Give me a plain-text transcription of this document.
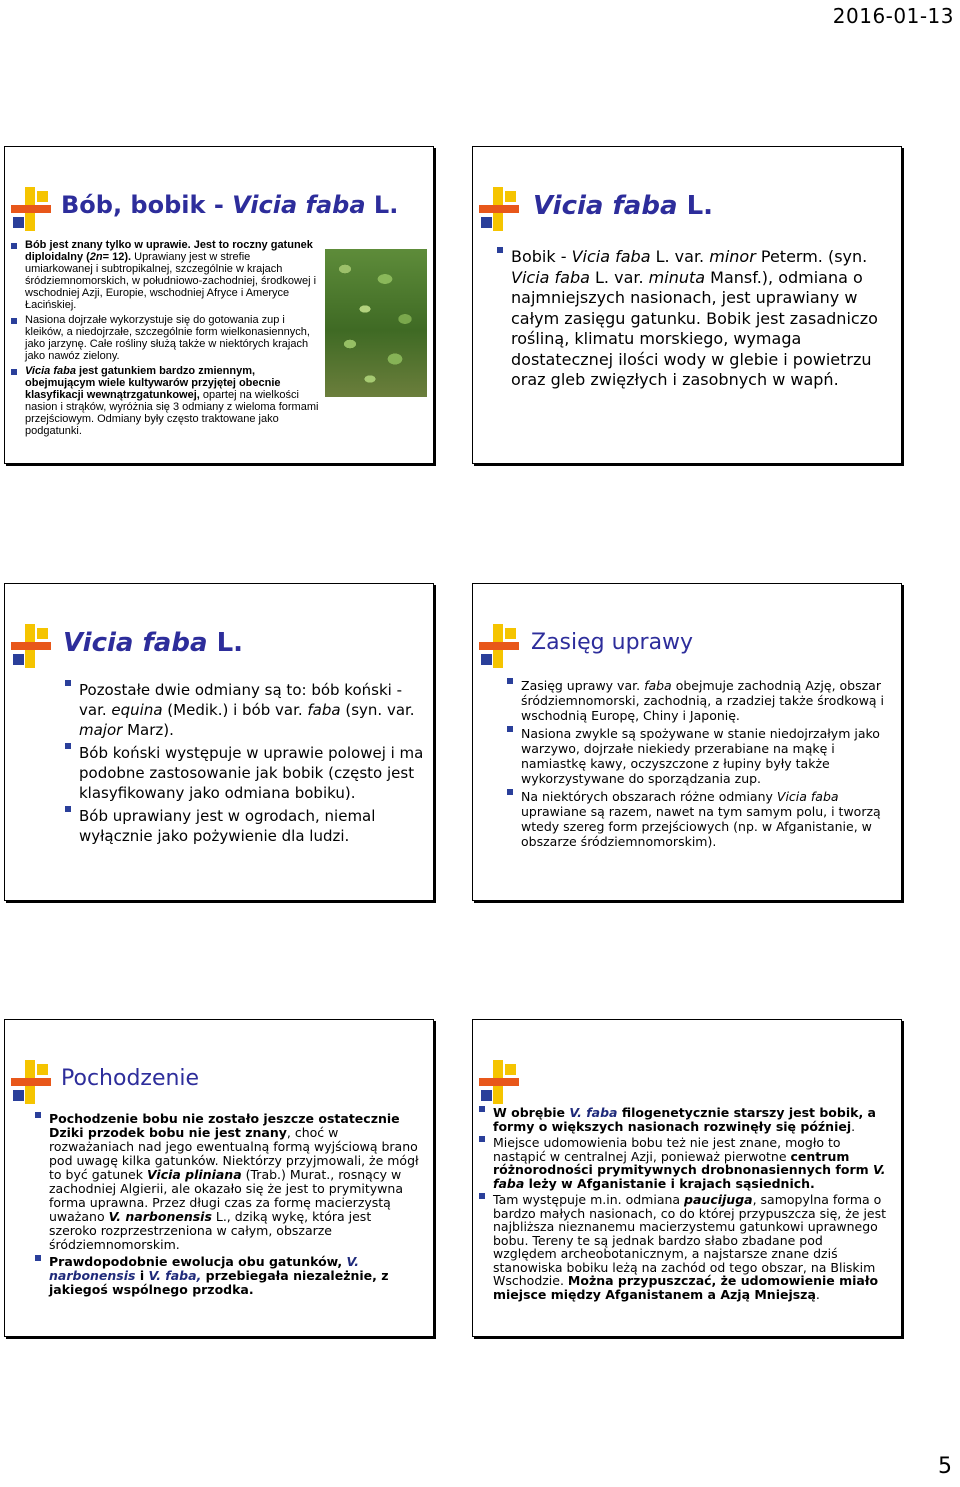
2016-01-13
Bób, bobik - Vicia faba L.
Bób jest znany tylko w uprawie. Jest to roczny gatunek diploidalny (2n= 12). Uprawiany jest w strefie umiarkowanej i subtropikalnej, szczególnie w krajach śródziemnomorskich, w południowo-zachodniej, środkowej i wschodniej Azji, Europie, wschodniej Afryce i Ameryce Łacińskiej.
Nasiona dojrzałe wykorzystuje się do gotowania zup i kleików, a niedojrzałe, szczególnie form wielkonasiennych, jako jarzynę. Całe rośliny służą także w niektórych krajach jako nawóz zielony.
Vicia faba jest gatunkiem bardzo zmiennym, obejmującym wiele kultywarów przyjętej obecnie klasyfikacji wewnątrzgatunkowej, opartej na wielkości nasion i strąków, wyróżnia się 3 odmiany z wieloma formami przejściowym. Odmiany były często traktowane jako podgatunki.
Vicia faba L.
Bobik - Vicia faba L. var. minor Peterm. (syn. Vicia faba L. var. minuta Mansf.), odmiana o najmniejszych nasionach, jest uprawiany w całym zasięgu gatunku. Bobik jest zasadniczo rośliną, klimatu morskiego, wymaga dostatecznej ilości wody w glebie i powietrzu oraz gleb zwięzłych i zasobnych w wapń.
Vicia faba L.
Pozostałe dwie odmiany są to: bób koński - var. equina (Medik.) i bób var. faba (syn. var. major Marz).
Bób koński występuje w uprawie polowej i ma podobne zastosowanie jak bobik (często jest klasyfikowany jako odmiana bobiku).
Bób uprawiany jest w ogrodach, niemal wyłącznie jako pożywienie dla ludzi.
Zasięg uprawy
Zasięg uprawy var. faba obejmuje zachodnią Azję, obszar śródziemnomorski, zachodnią, a rzadziej także środkową i wschodnią Europę, Chiny i Japonię.
Nasiona zwykle są spożywane w stanie niedojrzałym jako warzywo, dojrzałe niekiedy przerabiane na mąkę i namiastkę kawy, oczyszczone z łupiny były także wykorzystywane do sporządzania zup.
Na niektórych obszarach różne odmiany Vicia faba uprawiane są razem, nawet na tym samym polu, i tworzą wtedy szereg form przejściowych (np. w Afganistanie, w obszarze śródziemnomorskim).
Pochodzenie
Pochodzenie bobu nie zostało jeszcze ostatecznie Dziki przodek bobu nie jest znany, choć w rozważaniach nad jego ewentualną formą wyjściową brano pod uwagę kilka gatunków. Niektórzy przyjmowali, że mógł to być gatunek Vicia pliniana (Trab.) Murat., rosnący w zachodniej Algierii, ale okazało się że jest to prymitywna forma uprawna. Przez długi czas za formę macierzystą uważano V. narbonensis L., dziką wykę, która jest szeroko rozprzestrzeniona w całym, obszarze śródziemnomorskim.
Prawdopodobnie ewolucja obu gatunków, V. narbonensis i V. faba, przebiegała niezależnie, z jakiegoś wspólnego przodka.
W obrębie V. faba filogenetycznie starszy jest bobik, a formy o większych nasionach rozwinęły się później.
Miejsce udomowienia bobu też nie jest znane, mogło to nastąpić w centralnej Azji, ponieważ pierwotne centrum różnorodności prymitywnych drobnonasiennych form V. faba leży w Afganistanie i krajach sąsiednich.
Tam występuje m.in. odmiana paucijuga, samopylna forma o bardzo małych nasionach, co do której przypuszcza się, że jest najbliższa nieznanemu macierzystemu gatunkowi uprawnego bobu. Tereny te są jednak bardzo słabo zbadane pod względem archeobotanicznym, a najstarsze znane dziś stanowiska bobiku leżą na zachód od tego obszar, na Bliskim Wschodzie. Można przypuszczać, że udomowienie miało miejsce między Afganistanem a Azją Mniejszą.
5
